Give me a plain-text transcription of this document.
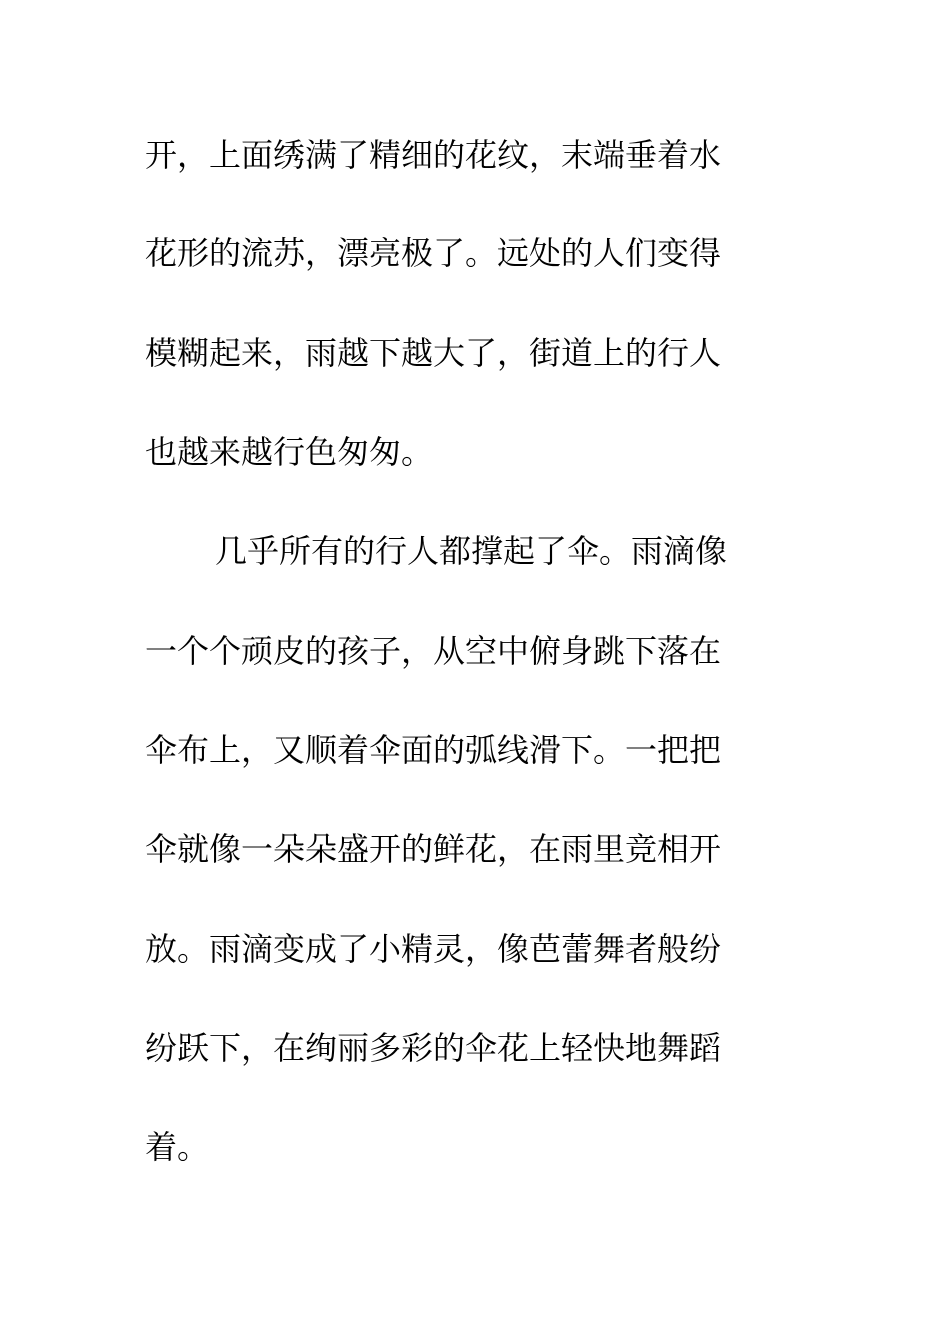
开，上面绣满了精细的花纹，末端垂着水
花形的流苏，漂亮极了。远处的人们变得
模糊起来，雨越下越大了，街道上的行人
也越来越行色匆匆。
几乎所有的行人都撑起了伞。雨滴像
一个个顽皮的孩子，从空中俯身跳下落在
伞布上，又顺着伞面的弧线滑下。一把把
伞就像一朵朵盛开的鲜花，在雨里竞相开
放。雨滴变成了小精灵，像芭蕾舞者般纷
纷跃下，在绚丽多彩的伞花上轻快地舞蹈
着。
